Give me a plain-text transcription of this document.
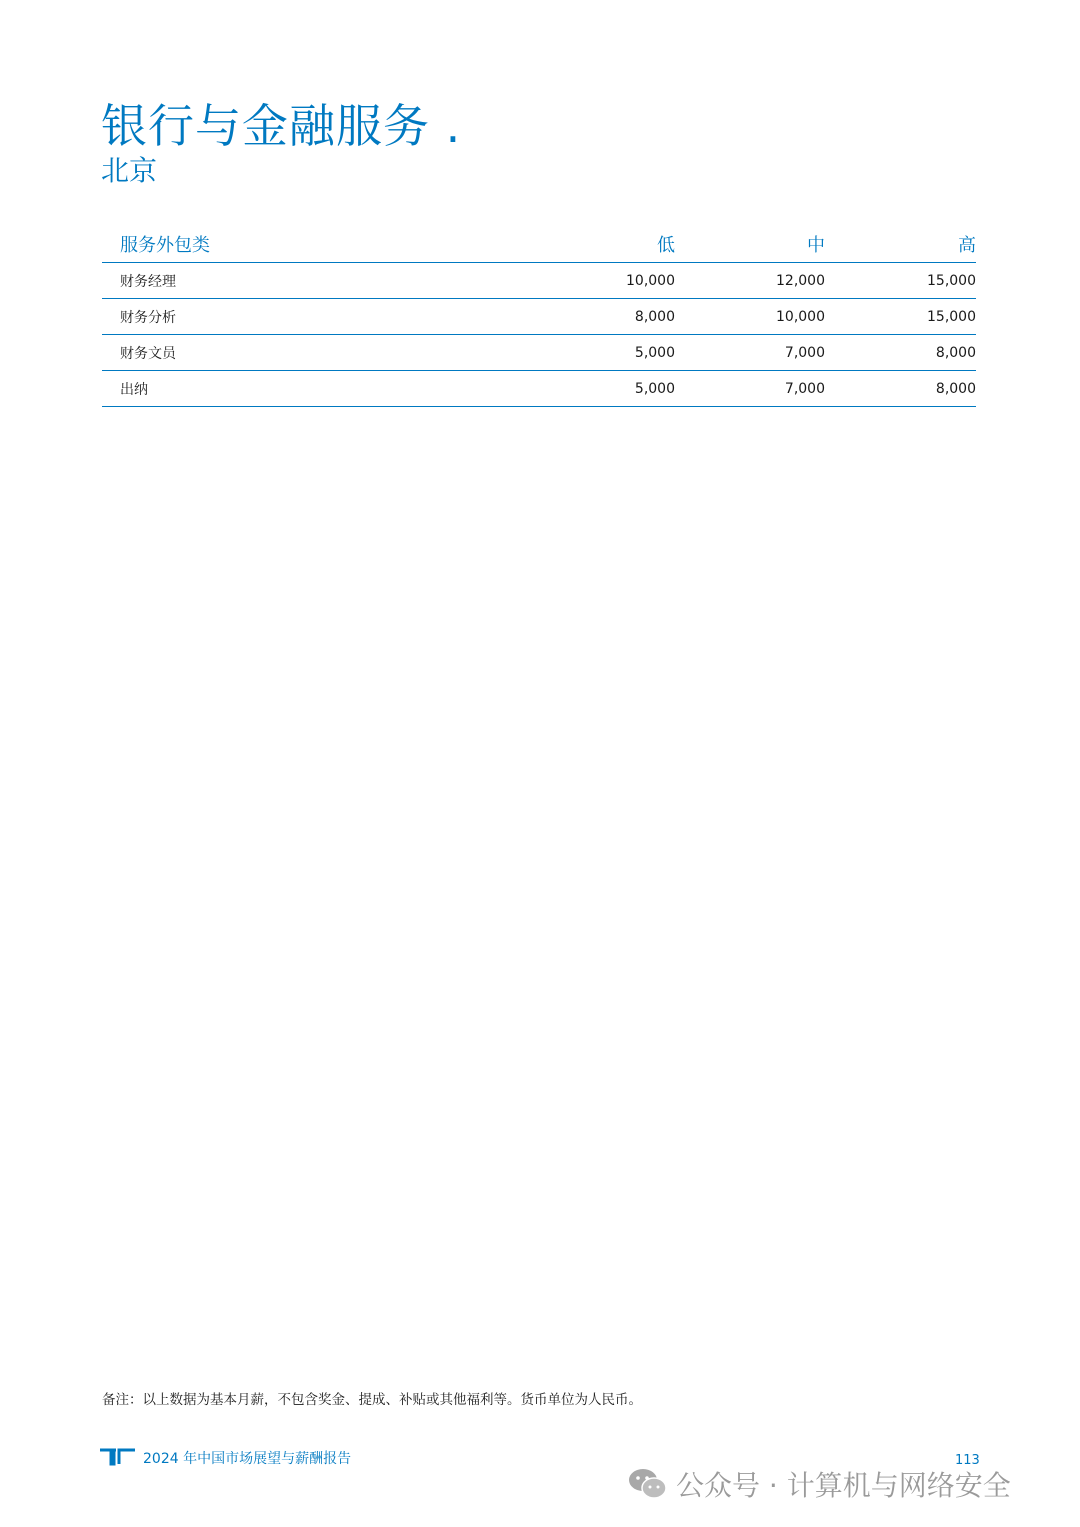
银行与金融服务 .
北京
服务外包类	低	中	高
财务经理	10,000	12,000	15,000
财务分析	8,000	10,000	15,000
财务文员	5,000	7,000	8,000
出纳	5,000	7,000	8,000

备注：以上数据为基本月薪，不包含奖金、提成、补贴或其他福利等。货币单位为人民币。

2024 年中国市场展望与薪酬报告	113
公众号 · 计算机与网络安全
